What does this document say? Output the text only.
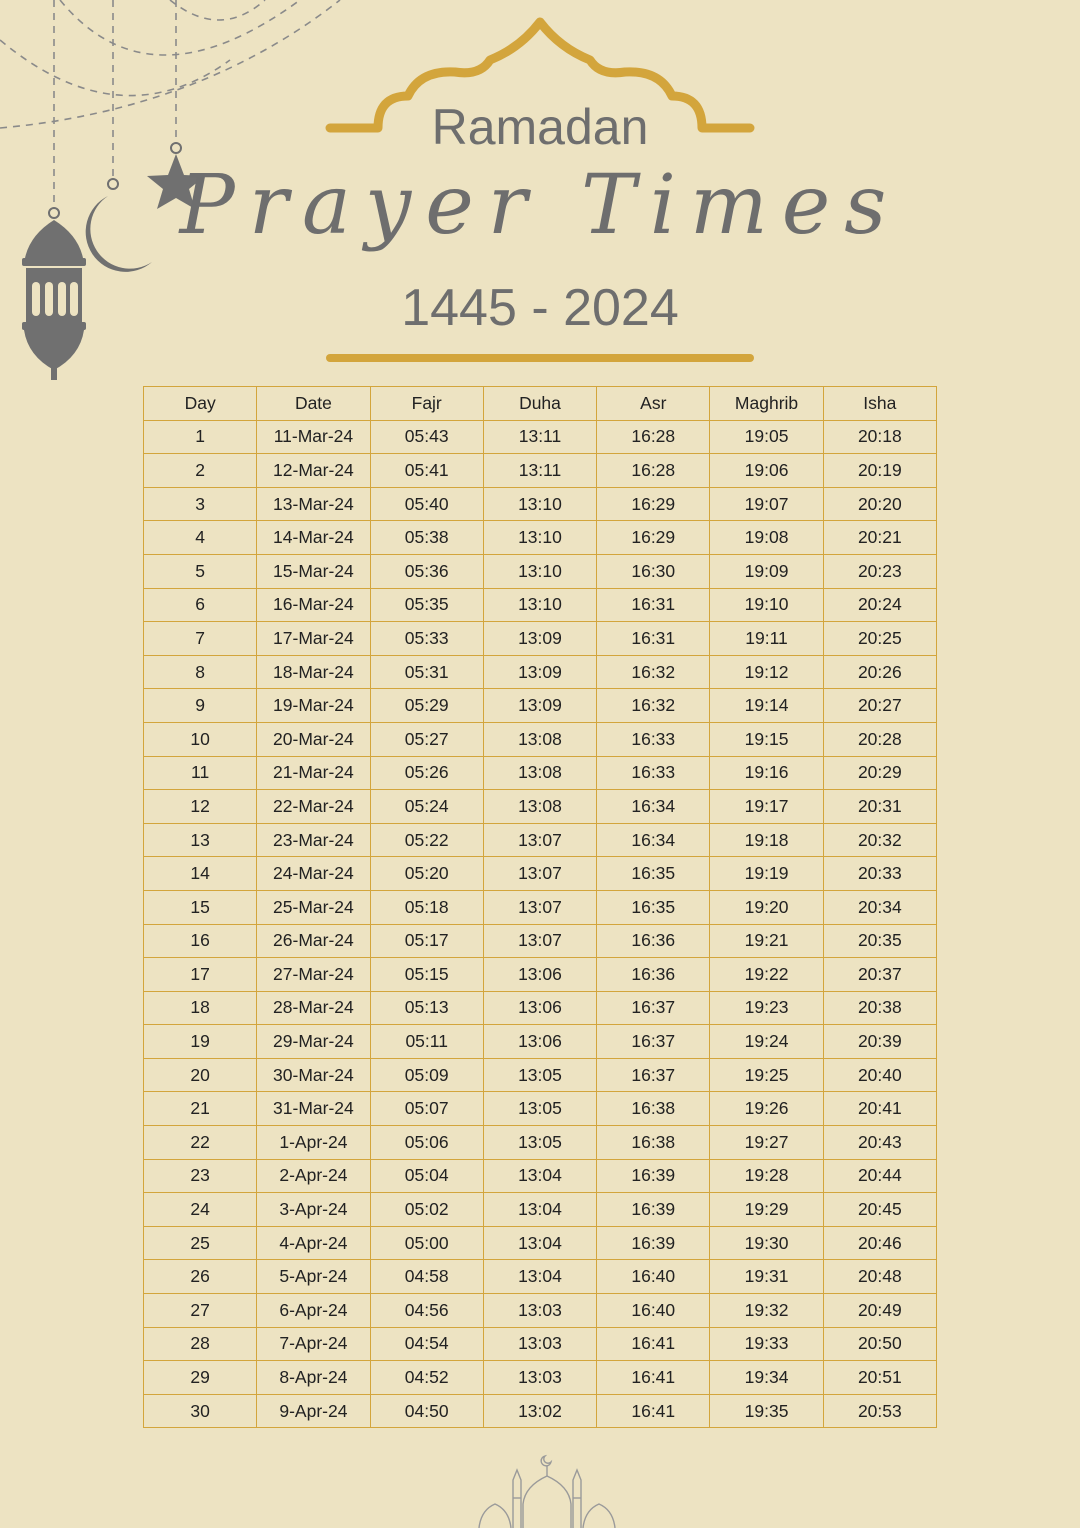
Ramadan
Prayer Times
1445 - 2024
Day	Date	Fajr	Duha	Asr	Maghrib	Isha
1	11-Mar-24	05:43	13:11	16:28	19:05	20:18
2	12-Mar-24	05:41	13:11	16:28	19:06	20:19
3	13-Mar-24	05:40	13:10	16:29	19:07	20:20
4	14-Mar-24	05:38	13:10	16:29	19:08	20:21
5	15-Mar-24	05:36	13:10	16:30	19:09	20:23
6	16-Mar-24	05:35	13:10	16:31	19:10	20:24
7	17-Mar-24	05:33	13:09	16:31	19:11	20:25
8	18-Mar-24	05:31	13:09	16:32	19:12	20:26
9	19-Mar-24	05:29	13:09	16:32	19:14	20:27
10	20-Mar-24	05:27	13:08	16:33	19:15	20:28
11	21-Mar-24	05:26	13:08	16:33	19:16	20:29
12	22-Mar-24	05:24	13:08	16:34	19:17	20:31
13	23-Mar-24	05:22	13:07	16:34	19:18	20:32
14	24-Mar-24	05:20	13:07	16:35	19:19	20:33
15	25-Mar-24	05:18	13:07	16:35	19:20	20:34
16	26-Mar-24	05:17	13:07	16:36	19:21	20:35
17	27-Mar-24	05:15	13:06	16:36	19:22	20:37
18	28-Mar-24	05:13	13:06	16:37	19:23	20:38
19	29-Mar-24	05:11	13:06	16:37	19:24	20:39
20	30-Mar-24	05:09	13:05	16:37	19:25	20:40
21	31-Mar-24	05:07	13:05	16:38	19:26	20:41
22	1-Apr-24	05:06	13:05	16:38	19:27	20:43
23	2-Apr-24	05:04	13:04	16:39	19:28	20:44
24	3-Apr-24	05:02	13:04	16:39	19:29	20:45
25	4-Apr-24	05:00	13:04	16:39	19:30	20:46
26	5-Apr-24	04:58	13:04	16:40	19:31	20:48
27	6-Apr-24	04:56	13:03	16:40	19:32	20:49
28	7-Apr-24	04:54	13:03	16:41	19:33	20:50
29	8-Apr-24	04:52	13:03	16:41	19:34	20:51
30	9-Apr-24	04:50	13:02	16:41	19:35	20:53
